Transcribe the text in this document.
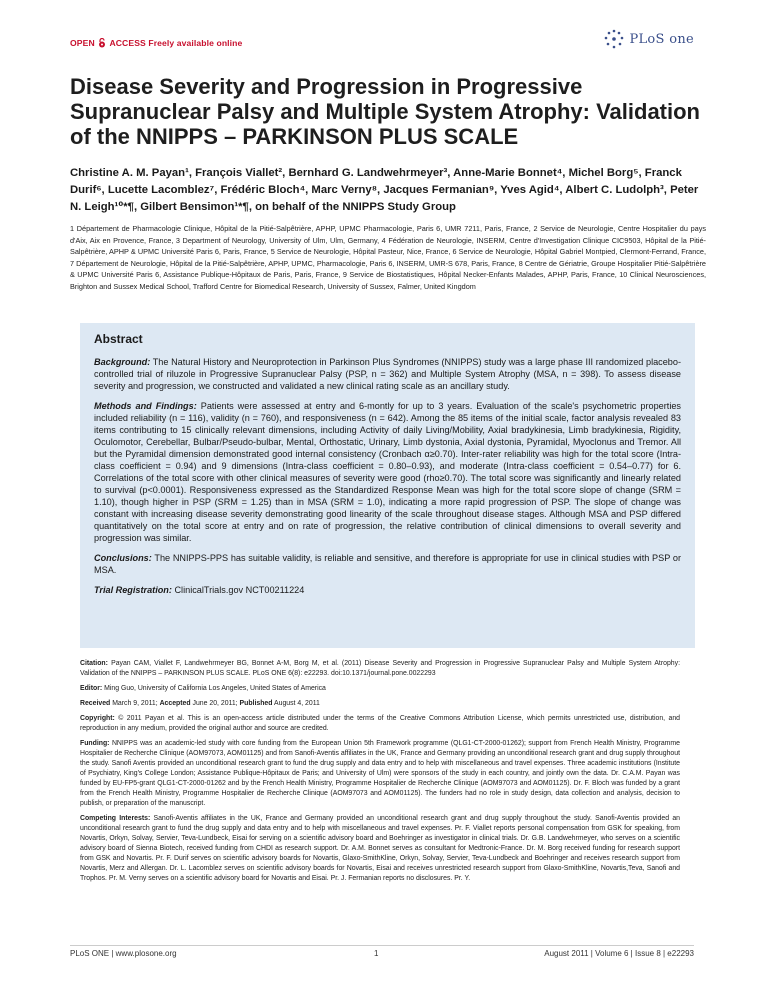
OPEN ACCESS Freely available online	PLoS one
Disease Severity and Progression in Progressive Supranuclear Palsy and Multiple System Atrophy: Validation of the NNIPPS – PARKINSON PLUS SCALE

Christine A. M. Payan¹, François Viallet², Bernhard G. Landwehrmeyer³, Anne-Marie Bonnet⁴, Michel Borg⁵, Franck Durif⁶, Lucette Lacomblez⁷, Frédéric Bloch⁴, Marc Verny⁸, Jacques Fermanian⁹, Yves Agid⁴, Albert C. Ludolph³, Peter N. Leigh¹⁰*¶, Gilbert Bensimon¹*¶, on behalf of the NNIPPS Study Group

1 Département de Pharmacologie Clinique, Hôpital de la Pitié-Salpêtrière, APHP, UPMC Pharmacologie, Paris 6, UMR 7211, Paris, France, 2 Service de Neurologie, Centre Hospitalier du pays d'Aix, Aix en Provence, France, 3 Department of Neurology, University of Ulm, Ulm, Germany, 4 Fédération de Neurologie, INSERM, Centre d'Investigation Clinique CIC9503, Hôpital de la Pitié-Salpêtrière, APHP & UPMC Université Paris 6, Paris, France, 5 Service de Neurologie, Hôpital Pasteur, Nice, France, 6 Service de Neurologie, Hôpital Gabriel Montpied, Clermont-Ferrand, France, 7 Département de Neurologie, Hôpital de la Pitié-Salpêtrière, APHP, UPMC, Pharmacologie, Paris 6, INSERM, UMR-S 678, Paris, France, 8 Centre de Gériatrie, Groupe Hospitalier Pitié-Salpêtrière & UPMC Université Paris 6, Assistance Publique-Hôpitaux de Paris, Paris, France, 9 Service de Biostatistiques, Hôpital Necker-Enfants Malades, APHP, Paris, France, 10 Clinical Neurosciences, Brighton and Sussex Medical School, Trafford Centre for Biomedical Research, University of Sussex, Falmer, United Kingdom

Abstract

Background: The Natural History and Neuroprotection in Parkinson Plus Syndromes (NNIPPS) study was a large phase III randomized placebo-controlled trial of riluzole in Progressive Supranuclear Palsy (PSP, n = 362) and Multiple System Atrophy (MSA, n = 398). To assess disease severity and progression, we constructed and validated a new clinical rating scale as an ancillary study.

Methods and Findings: Patients were assessed at entry and 6-montly for up to 3 years. Evaluation of the scale's psychometric properties included reliability (n = 116), validity (n = 760), and responsiveness (n = 642). Among the 85 items of the initial scale, factor analysis revealed 83 items contributing to 15 clinically relevant dimensions, including Activity of daily Living/Mobility, Axial bradykinesia, Limb bradykinesia, Rigidity, Oculomotor, Cerebellar, Bulbar/Pseudo-bulbar, Mental, Orthostatic, Urinary, Limb dystonia, Axial dystonia, Pyramidal, Myoclonus and Tremor. All but the Pyramidal dimension demonstrated good internal consistency (Cronbach α≥0.70). Inter-rater reliability was high for the total score (Intra-class coefficient = 0.94) and 9 dimensions (Intra-class coefficient = 0.80–0.93), and moderate (Intra-class coefficient = 0.54–0.77) for 6. Correlations of the total score with other clinical measures of severity were good (rho≥0.70). The total score was significantly and linearly related to survival (p<0.0001). Responsiveness expressed as the Standardized Response Mean was high for the total score slope of change (SRM = 1.10), though higher in PSP (SRM = 1.25) than in MSA (SRM = 1.0), indicating a more rapid progression of PSP. The slope of change was constant with increasing disease severity demonstrating good linearity of the scale throughout disease stages. Although MSA and PSP differed quantitatively on the total score at entry and on rate of progression, the relative contribution of clinical dimensions to overall severity and progression was similar.

Conclusions: The NNIPPS-PPS has suitable validity, is reliable and sensitive, and therefore is appropriate for use in clinical studies with PSP or MSA.

Trial Registration: ClinicalTrials.gov NCT00211224

Citation: Payan CAM, Viallet F, Landwehrmeyer BG, Bonnet A-M, Borg M, et al. (2011) Disease Severity and Progression in Progressive Supranuclear Palsy and Multiple System Atrophy: Validation of the NNIPPS – PARKINSON PLUS SCALE. PLoS ONE 6(8): e22293. doi:10.1371/journal.pone.0022293

Editor: Ming Guo, University of California Los Angeles, United States of America

Received March 9, 2011; Accepted June 20, 2011; Published August 4, 2011

Copyright: © 2011 Payan et al. This is an open-access article distributed under the terms of the Creative Commons Attribution License, which permits unrestricted use, distribution, and reproduction in any medium, provided the original author and source are credited.

Funding: NNIPPS was an academic-led study with core funding from the European Union 5th Framework programme (QLG1-CT-2000-01262); support from French Health Ministry, Programme Hospitalier de Recherche Clinique (AOM97073, AOM01125) and from Sanofi-Aventis affiliates in the UK, France and Germany providing an unconditional research grant and drug supply throughout the study. Sanofi Aventis provided an unconditional research grant to fund the drug supply and data entry and to help with miscellaneous and travel expenses. Three academic institutions (Institute of Psychiatry, King's College London; Assistance Publique-Hôpitaux de Paris; and University of Ulm) were sponsors of the study in each country, and jointly own the data. Dr. C.A.M. Payan was funded by EU-FP5-grant QLG1-CT-2000-01262 and by the French Health Ministry, Programme Hospitalier de Recherche Clinique (AOM97073 and AOM01125). Dr. F. Bloch was funded by a grant from the French Health Ministry, Programme Hospitalier de Recherche Clinique (AOM97073 and AOM01125). The funders had no role in study design, data collection and analysis, decision to publish, or preparation of the manuscript.

Competing Interests: Sanofi-Aventis affiliates in the UK, France and Germany provided an unconditional research grant and drug supply throughout the study. Sanofi-Aventis provided an unconditional research grant to fund the drug supply and data entry and to help with miscellaneous and travel expenses. Pr. F. Viallet reports personal compensation from GSK for speaking, from Novartis, Orkyn, Solvay, Servier, Teva-Lundbeck, Eisai for serving on a scientific advisory board and Boehringer as investigator in clinical trials. Dr. G.B. Landwehrmeyer, who serves on a scientific advisory board of Sienna Biotech, received funding from CHDI as research support. Dr. A.M. Bonnet serves as consultant for Medtronic-France. Dr. M. Borg received funding for research support from GSK and Novartis. Pr. F. Durif serves on scientific advisory boards for Novartis, Glaxo-SmithKline, Orkyn, Solvay, Servier, Teva-Lundbeck and Boehringer and receives research support from Novartis, Merz and Allergan. Dr. L. Lacomblez serves on scientific advisory boards for Novartis, Eisai and receives unrestricted research support from Glaxo-SmithKline, Novartis,Teva, Sanofi and Trophos. Pr. M. Verny serves on a scientific advisory board for Novartis and Eisai. Pr. J. Fermanian reports no disclosures. Pr. Y.

PLoS ONE | www.plosone.org	1	August 2011 | Volume 6 | Issue 8 | e22293
